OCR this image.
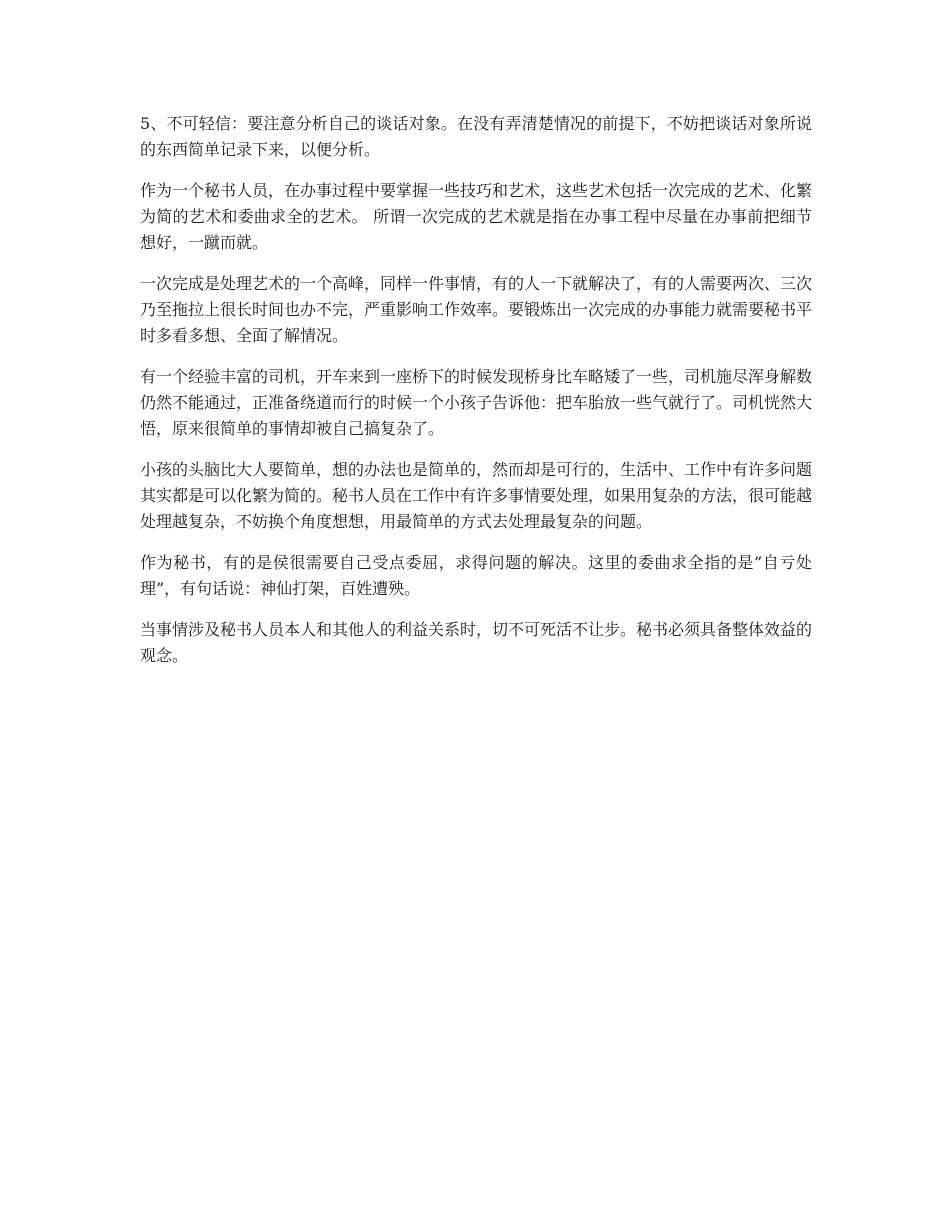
5、不可轻信：要注意分析自己的谈话对象。在没有弄清楚情况的前提下，不妨把谈话对象所说的东西简单记录下来，以便分析。

作为一个秘书人员，在办事过程中要掌握一些技巧和艺术，这些艺术包括一次完成的艺术、化繁为简的艺术和委曲求全的艺术。 所谓一次完成的艺术就是指在办事工程中尽量在办事前把细节想好，一蹴而就。

一次完成是处理艺术的一个高峰，同样一件事情，有的人一下就解决了，有的人需要两次、三次乃至拖拉上很长时间也办不完，严重影响工作效率。要锻炼出一次完成的办事能力就需要秘书平时多看多想、全面了解情况。

有一个经验丰富的司机，开车来到一座桥下的时候发现桥身比车略矮了一些，司机施尽浑身解数仍然不能通过，正准备绕道而行的时候一个小孩子告诉他：把车胎放一些气就行了。司机恍然大悟，原来很简单的事情却被自己搞复杂了。

小孩的头脑比大人要简单，想的办法也是简单的，然而却是可行的，生活中、工作中有许多问题其实都是可以化繁为简的。秘书人员在工作中有许多事情要处理，如果用复杂的方法，很可能越处理越复杂，不妨换个角度想想，用最简单的方式去处理最复杂的问题。

作为秘书，有的是侯很需要自己受点委屈，求得问题的解决。这里的委曲求全指的是”自亏处理”，有句话说：神仙打架，百姓遭殃。

当事情涉及秘书人员本人和其他人的利益关系时，切不可死活不让步。秘书必须具备整体效益的观念。
